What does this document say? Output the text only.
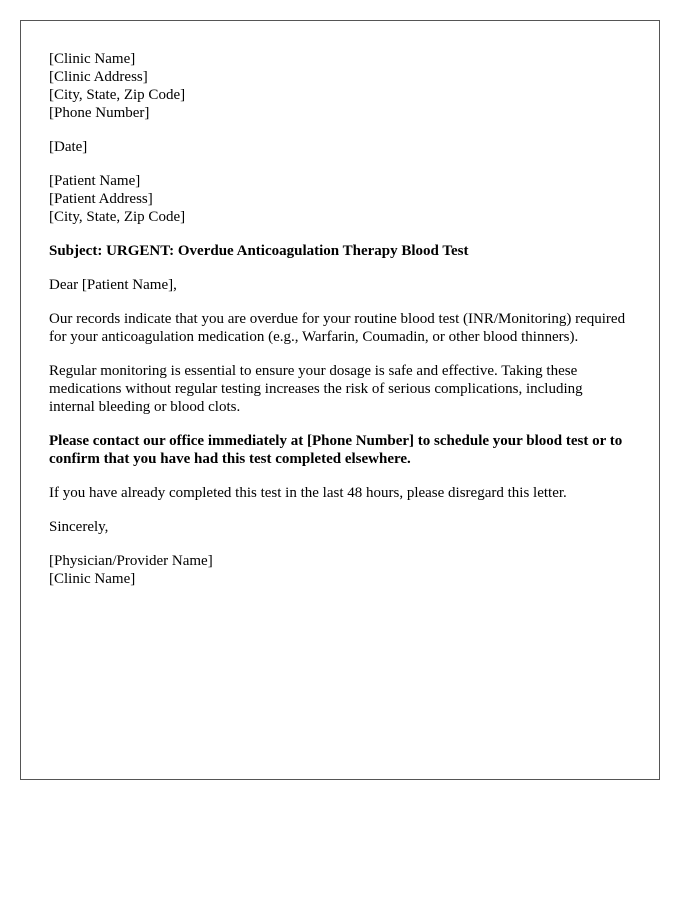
[Clinic Name]
[Clinic Address]
[City, State, Zip Code]
[Phone Number]
[Date]
[Patient Name]
[Patient Address]
[City, State, Zip Code]

Subject: URGENT: Overdue Anticoagulation Therapy Blood Test

Dear [Patient Name],

Our records indicate that you are overdue for your routine blood test (INR/Monitoring) required for your anticoagulation medication (e.g., Warfarin, Coumadin, or other blood thinners).

Regular monitoring is essential to ensure your dosage is safe and effective. Taking these medications without regular testing increases the risk of serious complications, including internal bleeding or blood clots.

Please contact our office immediately at [Phone Number] to schedule your blood test or to confirm that you have had this test completed elsewhere.

If you have already completed this test in the last 48 hours, please disregard this letter.

Sincerely,

[Physician/Provider Name]
[Clinic Name]
